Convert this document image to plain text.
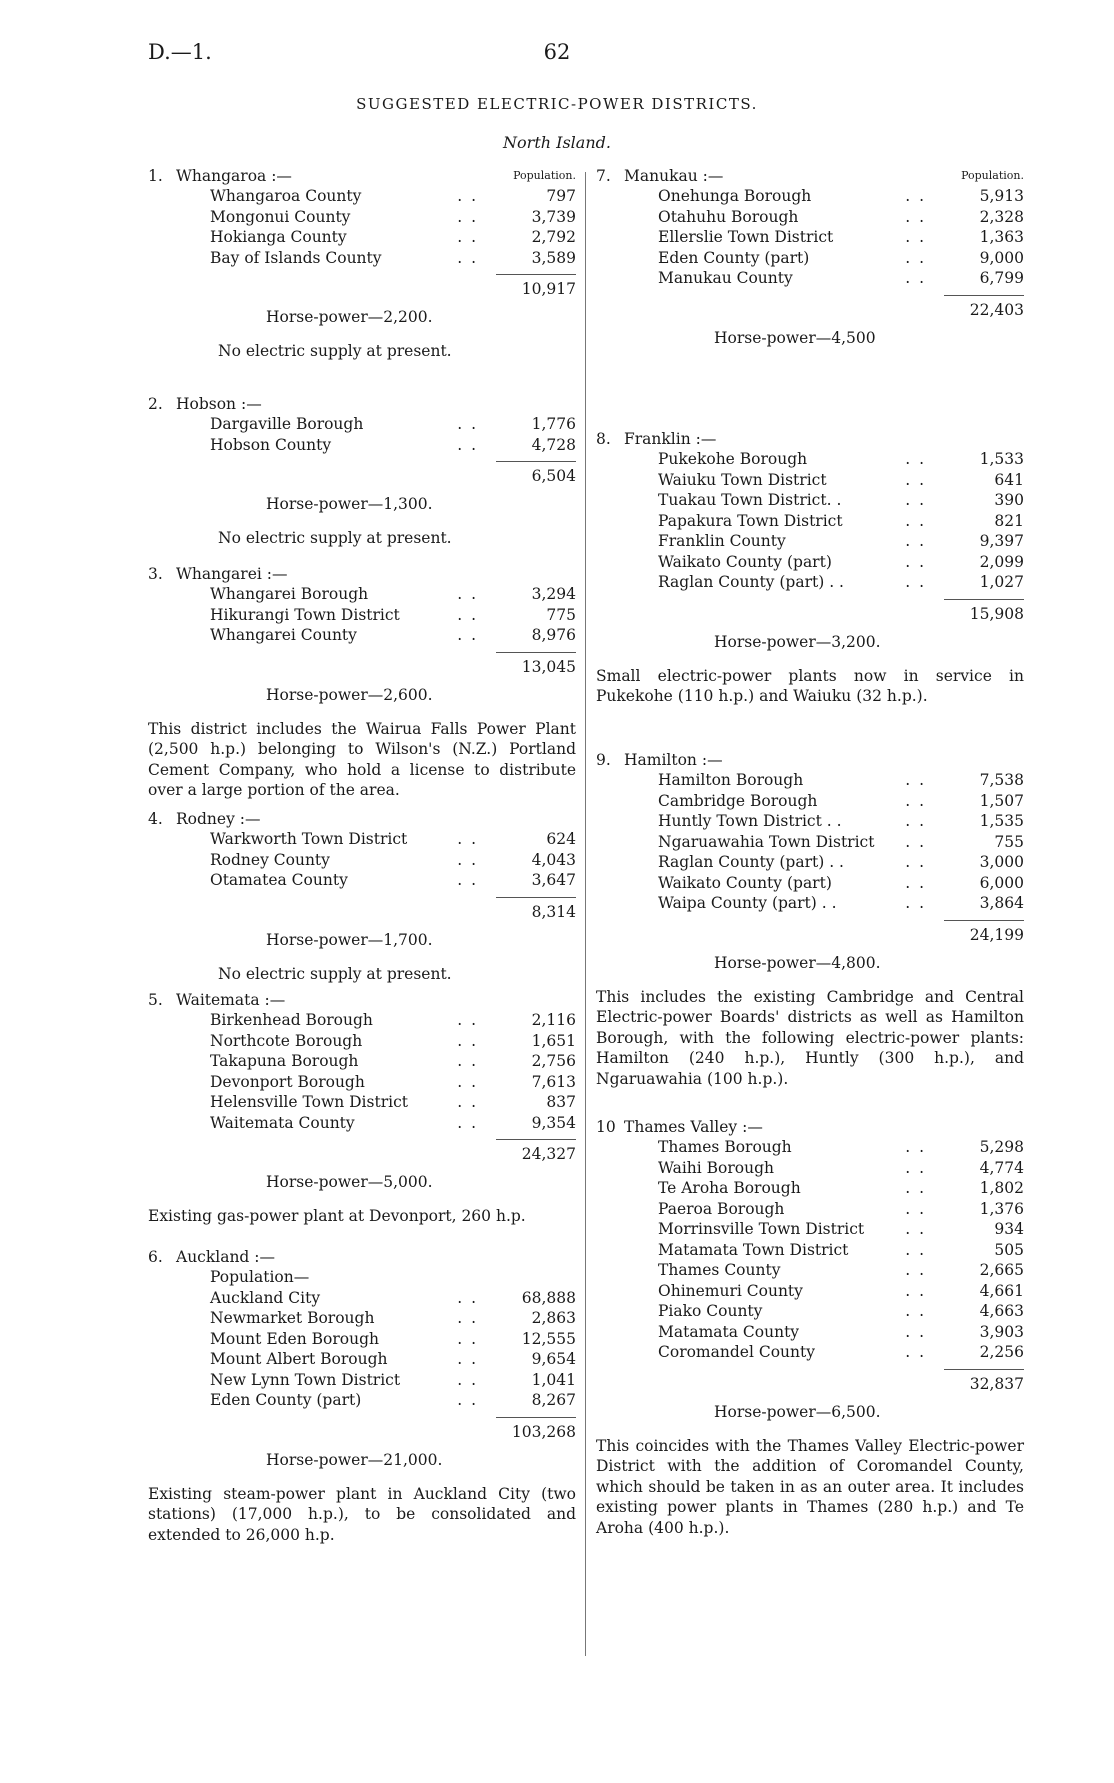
D.—1.	62
SUGGESTED ELECTRIC-POWER DISTRICTS.
North Island.
1. Whangaroa :—	Population.
Whangaroa County	. .	797
Mongonui County	. .	3,739
Hokianga County	. .	2,792
Bay of Islands County	. .	3,589
10,917
Horse-power—2,200.
No electric supply at present.
2. Hobson :—
Dargaville Borough	. .	1,776
Hobson County	. .	4,728
6,504
Horse-power—1,300.
No electric supply at present.
3. Whangarei :—
Whangarei Borough	. .	3,294
Hikurangi Town District	. .	775
Whangarei County	. .	8,976
13,045
Horse-power—2,600.
This district includes the Wairua Falls Power Plant (2,500 h.p.) belonging to Wilson's (N.Z.) Portland Cement Company, who hold a license to distribute over a large portion of the area.
4. Rodney :—
Warkworth Town District	. .	624
Rodney County	. .	4,043
Otamatea County	. .	3,647
8,314
Horse-power—1,700.
No electric supply at present.
5. Waitemata :—
Birkenhead Borough	. .	2,116
Northcote Borough	. .	1,651
Takapuna Borough	. .	2,756
Devonport Borough	. .	7,613
Helensville Town District	. .	837
Waitemata County	. .	9,354
24,327
Horse-power—5,000.
Existing gas-power plant at Devonport, 260 h.p.
6. Auckland :—
Population—
Auckland City	. .	68,888
Newmarket Borough	. .	2,863
Mount Eden Borough	. .	12,555
Mount Albert Borough	. .	9,654
New Lynn Town District	. .	1,041
Eden County (part)	. .	8,267
103,268
Horse-power—21,000.
Existing steam-power plant in Auckland City (two stations) (17,000 h.p.), to be consolidated and extended to 26,000 h.p.
7. Manukau :—	Population.
Onehunga Borough	. .	5,913
Otahuhu Borough	. .	2,328
Ellerslie Town District	. .	1,363
Eden County (part)	. .	9,000
Manukau County	. .	6,799
22,403
Horse-power—4,500
8. Franklin :—
Pukekohe Borough	. .	1,533
Waiuku Town District	. .	641
Tuakau Town District. .	. .	390
Papakura Town District	. .	821
Franklin County	. .	9,397
Waikato County (part)	. .	2,099
Raglan County (part) . .	. .	1,027
15,908
Horse-power—3,200.
Small electric-power plants now in service in Pukekohe (110 h.p.) and Waiuku (32 h.p.).
9. Hamilton :—
Hamilton Borough	. .	7,538
Cambridge Borough	. .	1,507
Huntly Town District . .	. .	1,535
Ngaruawahia Town District . .	755
Raglan County (part) . .	. .	3,000
Waikato County (part)	. .	6,000
Waipa County (part) . .	. .	3,864
24,199
Horse-power—4,800.
This includes the existing Cambridge and Central Electric-power Boards' districts as well as Hamilton Borough, with the following electric-power plants: Hamilton (240 h.p.), Huntly (300 h.p.), and Ngaruawahia (100 h.p.).
10 Thames Valley :—
Thames Borough	. .	5,298
Waihi Borough	. .	4,774
Te Aroha Borough	. .	1,802
Paeroa Borough	. .	1,376
Morrinsville Town District	. .	934
Matamata Town District	. .	505
Thames County	. .	2,665
Ohinemuri County	. .	4,661
Piako County	. .	4,663
Matamata County	. .	3,903
Coromandel County	. .	2,256
32,837
Horse-power—6,500.
This coincides with the Thames Valley Electric-power District with the addition of Coromandel County, which should be taken in as an outer area. It includes existing power plants in Thames (280 h.p.) and Te Aroha (400 h.p.).
